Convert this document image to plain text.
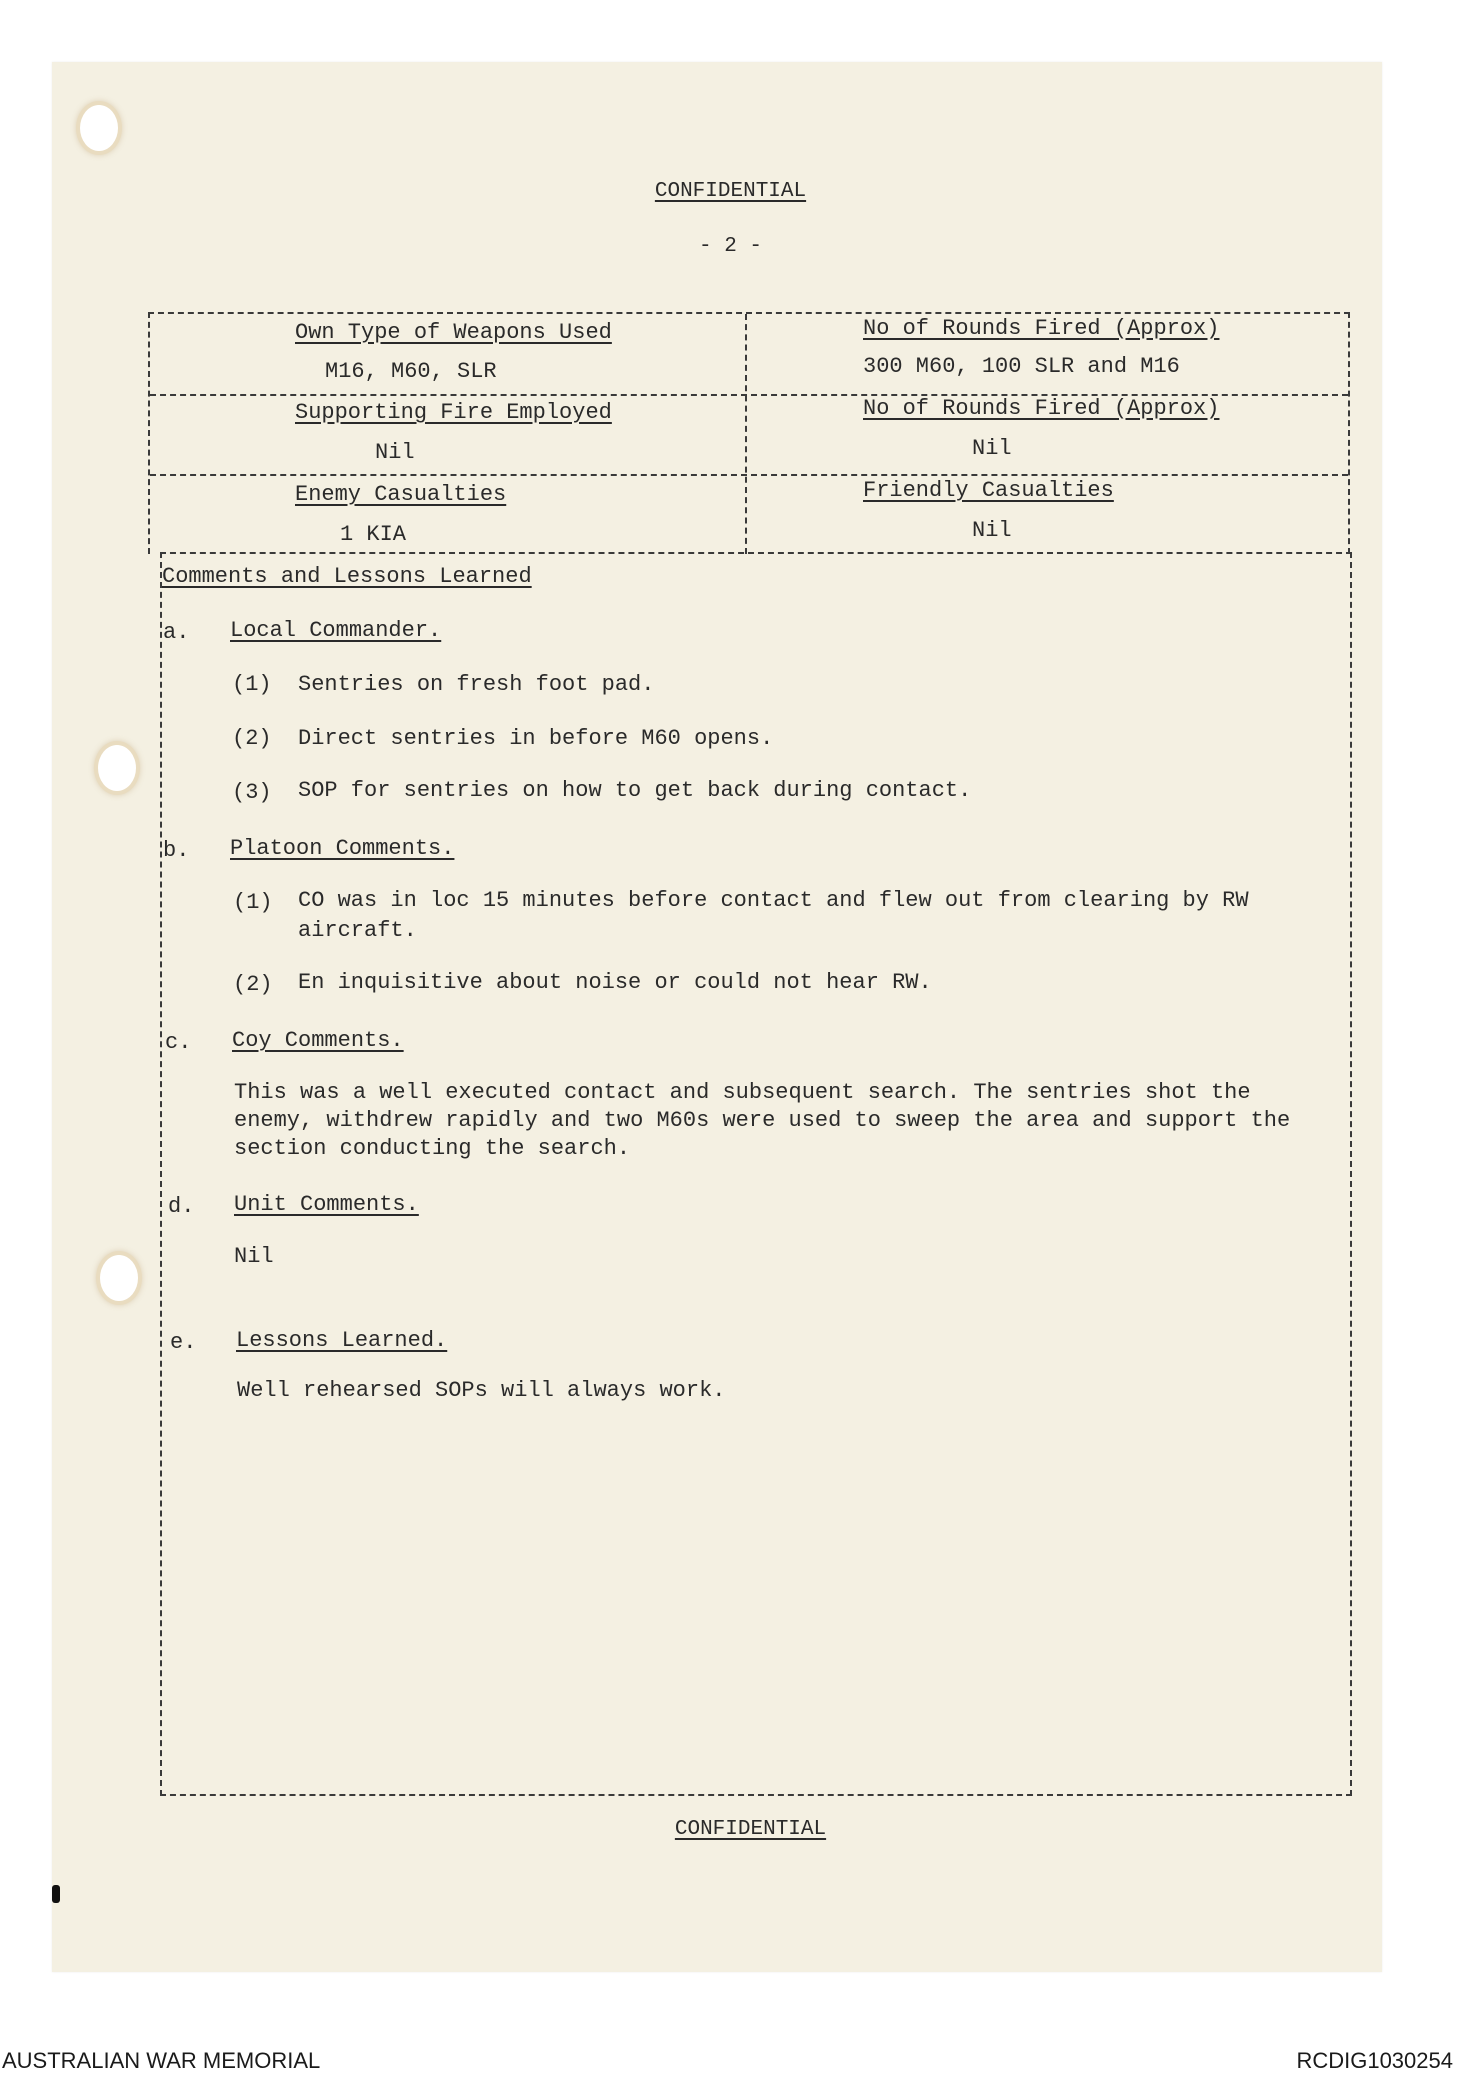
CONFIDENTIAL
- 2 -
Own Type of Weapons Used
M16, M60, SLR
No of Rounds Fired (Approx)
300 M60, 100 SLR and M16
Supporting Fire Employed
Nil
No of Rounds Fired (Approx)
Nil
Enemy Casualties
1 KIA
Friendly Casualties
Nil
Comments and Lessons Learned
a. Local Commander.
(1) Sentries on fresh foot pad.
(2) Direct sentries in before M60 opens.
(3) SOP for sentries on how to get back during contact.
b. Platoon Comments.
(1) CO was in loc 15 minutes before contact and flew out from clearing by RW
aircraft.
(2) En inquisitive about noise or could not hear RW.
c. Coy Comments.
This was a well executed contact and subsequent search. The sentries shot the
enemy, withdrew rapidly and two M60s were used to sweep the area and support the
section conducting the search.
d. Unit Comments.
Nil
e. Lessons Learned.
Well rehearsed SOPs will always work.
CONFIDENTIAL
AUSTRALIAN WAR MEMORIAL	RCDIG1030254
